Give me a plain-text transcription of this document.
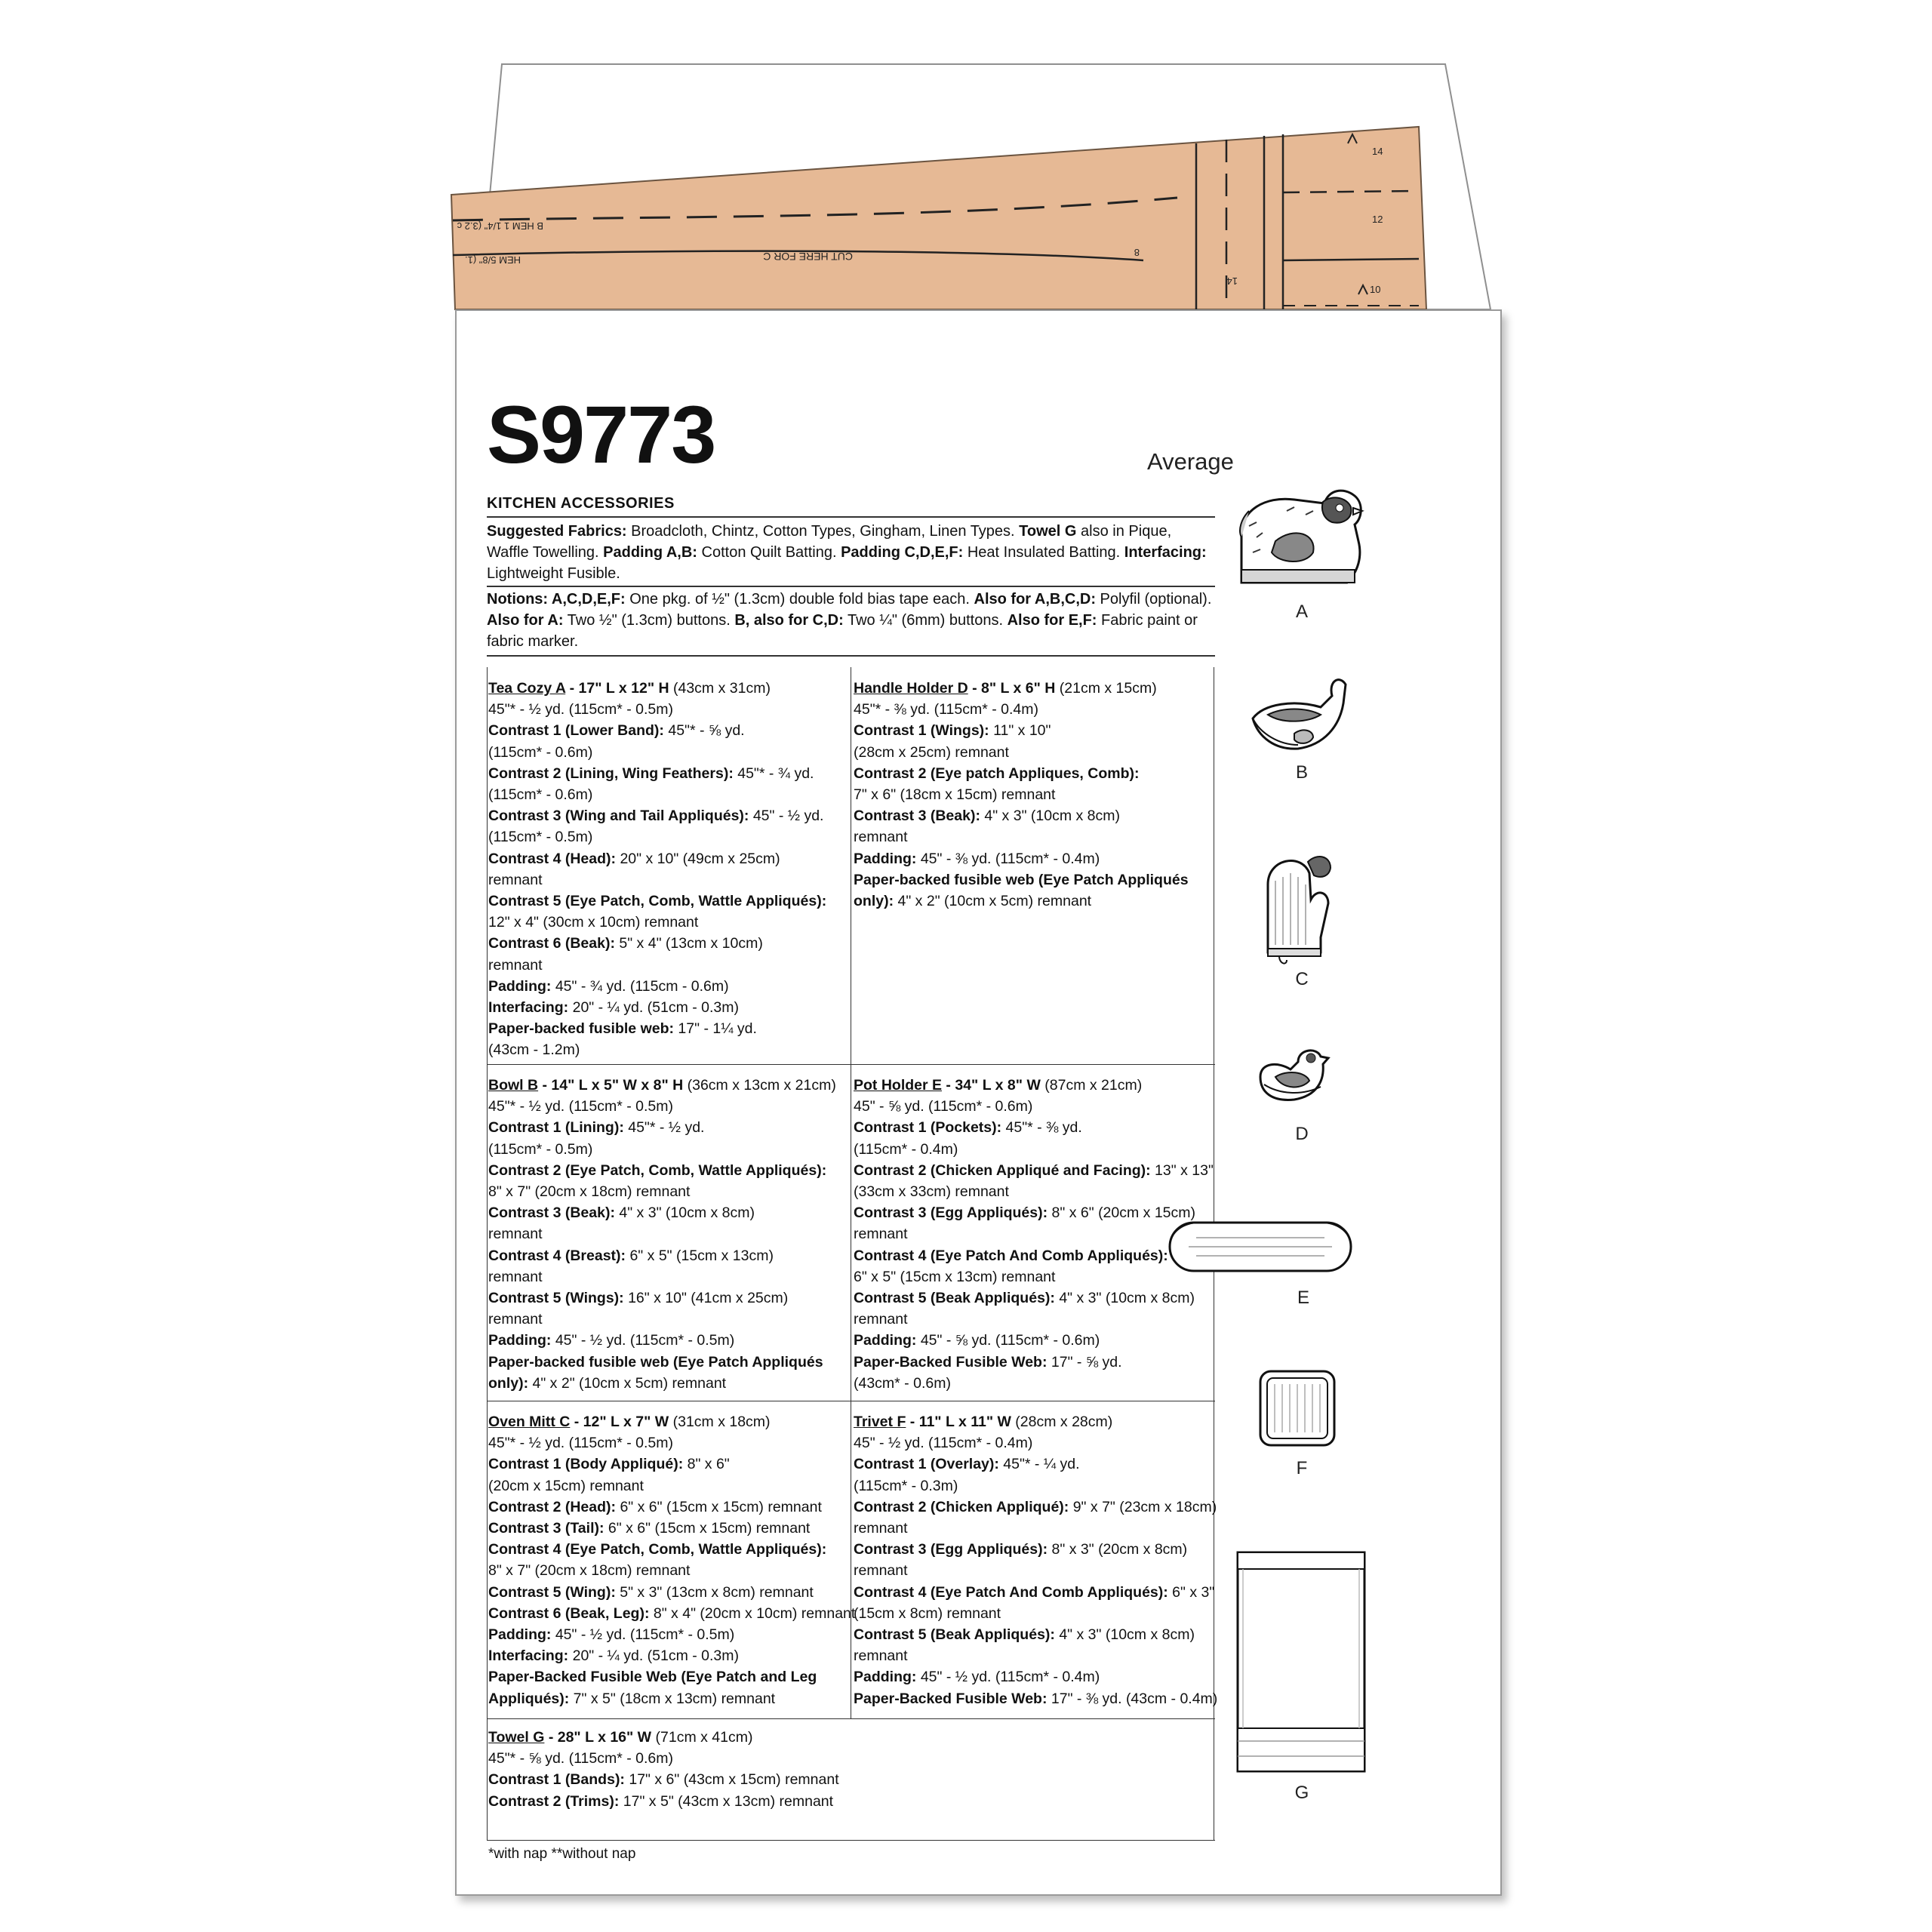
B HEM 1 1/4" (3.2 c
HEM 5/8" (1.	CUT HERE FOR C	8
14
14
12
10
S9773	Average
KITCHEN ACCESSORIES
Suggested Fabrics: Broadcloth, Chintz, Cotton Types, Gingham, Linen Types. Towel G also in Pique, Waffle Towelling. Padding A,B: Cotton Quilt Batting. Padding C,D,E,F: Heat Insulated Batting. Interfacing: Lightweight Fusible.
Notions: A,C,D,E,F: One pkg. of ½" (1.3cm) double fold bias tape each. Also for A,B,C,D: Polyfil (optional). Also for A: Two ½" (1.3cm) buttons. B, also for C,D: Two ¼" (6mm) buttons. Also for E,F: Fabric paint or fabric marker.
Tea Cozy A - 17" L x 12" H (43cm x 31cm)
45"* - ½ yd. (115cm* - 0.5m)
Contrast 1 (Lower Band): 45"* - ⅝ yd.
(115cm* - 0.6m)
Contrast 2 (Lining, Wing Feathers): 45"* - ¾ yd.
(115cm* - 0.6m)
Contrast 3 (Wing and Tail Appliqués): 45" - ½ yd.
(115cm* - 0.5m)
Contrast 4 (Head): 20" x 10" (49cm x 25cm)
remnant
Contrast 5 (Eye Patch, Comb, Wattle Appliqués):
12" x 4" (30cm x 10cm) remnant
Contrast 6 (Beak): 5" x 4" (13cm x 10cm)
remnant
Padding: 45" - ¾ yd. (115cm - 0.6m)
Interfacing: 20" - ¼ yd. (51cm - 0.3m)
Paper-backed fusible web: 17" - 1¼ yd.
(43cm - 1.2m)
Handle Holder D - 8" L x 6" H (21cm x 15cm)
45"* - ⅜ yd. (115cm* - 0.4m)
Contrast 1 (Wings): 11" x 10"
(28cm x 25cm) remnant
Contrast 2 (Eye patch Appliques, Comb):
7" x 6" (18cm x 15cm) remnant
Contrast 3 (Beak): 4" x 3" (10cm x 8cm)
remnant
Padding: 45" - ⅜ yd. (115cm* - 0.4m)
Paper-backed fusible web (Eye Patch Appliqués
only): 4" x 2" (10cm x 5cm) remnant
Bowl B - 14" L x 5" W x 8" H (36cm x 13cm x 21cm)
45"* - ½ yd. (115cm* - 0.5m)
Contrast 1 (Lining): 45"* - ½ yd.
(115cm* - 0.5m)
Contrast 2 (Eye Patch, Comb, Wattle Appliqués):
8" x 7" (20cm x 18cm) remnant
Contrast 3 (Beak): 4" x 3" (10cm x 8cm)
remnant
Contrast 4 (Breast): 6" x 5" (15cm x 13cm)
remnant
Contrast 5 (Wings): 16" x 10" (41cm x 25cm)
remnant
Padding: 45" - ½ yd. (115cm* - 0.5m)
Paper-backed fusible web (Eye Patch Appliqués
only): 4" x 2" (10cm x 5cm) remnant
Pot Holder E - 34" L x 8" W (87cm x 21cm)
45" - ⅝ yd. (115cm* - 0.6m)
Contrast 1 (Pockets): 45"* - ⅜ yd.
(115cm* - 0.4m)
Contrast 2 (Chicken Appliqué and Facing): 13" x 13"
(33cm x 33cm) remnant
Contrast 3 (Egg Appliqués): 8" x 6" (20cm x 15cm)
remnant
Contrast 4 (Eye Patch And Comb Appliqués):
6" x 5" (15cm x 13cm) remnant
Contrast 5 (Beak Appliqués): 4" x 3" (10cm x 8cm)
remnant
Padding: 45" - ⅝ yd. (115cm* - 0.6m)
Paper-Backed Fusible Web: 17" - ⅝ yd.
(43cm* - 0.6m)
Oven Mitt C - 12" L x 7" W (31cm x 18cm)
45"* - ½ yd. (115cm* - 0.5m)
Contrast 1 (Body Appliqué): 8" x 6"
(20cm x 15cm) remnant
Contrast 2 (Head): 6" x 6" (15cm x 15cm) remnant
Contrast 3 (Tail): 6" x 6" (15cm x 15cm) remnant
Contrast 4 (Eye Patch, Comb, Wattle Appliqués):
8" x 7" (20cm x 18cm) remnant
Contrast 5 (Wing): 5" x 3" (13cm x 8cm) remnant
Contrast 6 (Beak, Leg): 8" x 4" (20cm x 10cm) remnant
Padding: 45" - ½ yd. (115cm* - 0.5m)
Interfacing: 20" - ¼ yd. (51cm - 0.3m)
Paper-Backed Fusible Web (Eye Patch and Leg
Appliqués): 7" x 5" (18cm x 13cm) remnant
Trivet F - 11" L x 11" W (28cm x 28cm)
45" - ½ yd. (115cm* - 0.4m)
Contrast 1 (Overlay): 45"* - ¼ yd.
(115cm* - 0.3m)
Contrast 2 (Chicken Appliqué): 9" x 7" (23cm x 18cm)
remnant
Contrast 3 (Egg Appliqués): 8" x 3" (20cm x 8cm)
remnant
Contrast 4 (Eye Patch And Comb Appliqués): 6" x 3"
(15cm x 8cm) remnant
Contrast 5 (Beak Appliqués): 4" x 3" (10cm x 8cm)
remnant
Padding: 45" - ½ yd. (115cm* - 0.4m)
Paper-Backed Fusible Web: 17" - ⅜ yd. (43cm - 0.4m)
Towel G - 28" L x 16" W (71cm x 41cm)
45"* - ⅝ yd. (115cm* - 0.6m)
Contrast 1 (Bands): 17" x 6" (43cm x 15cm) remnant
Contrast 2 (Trims): 17" x 5" (43cm x 13cm) remnant
*with nap **without nap
A
B
C
D
E
F
G
